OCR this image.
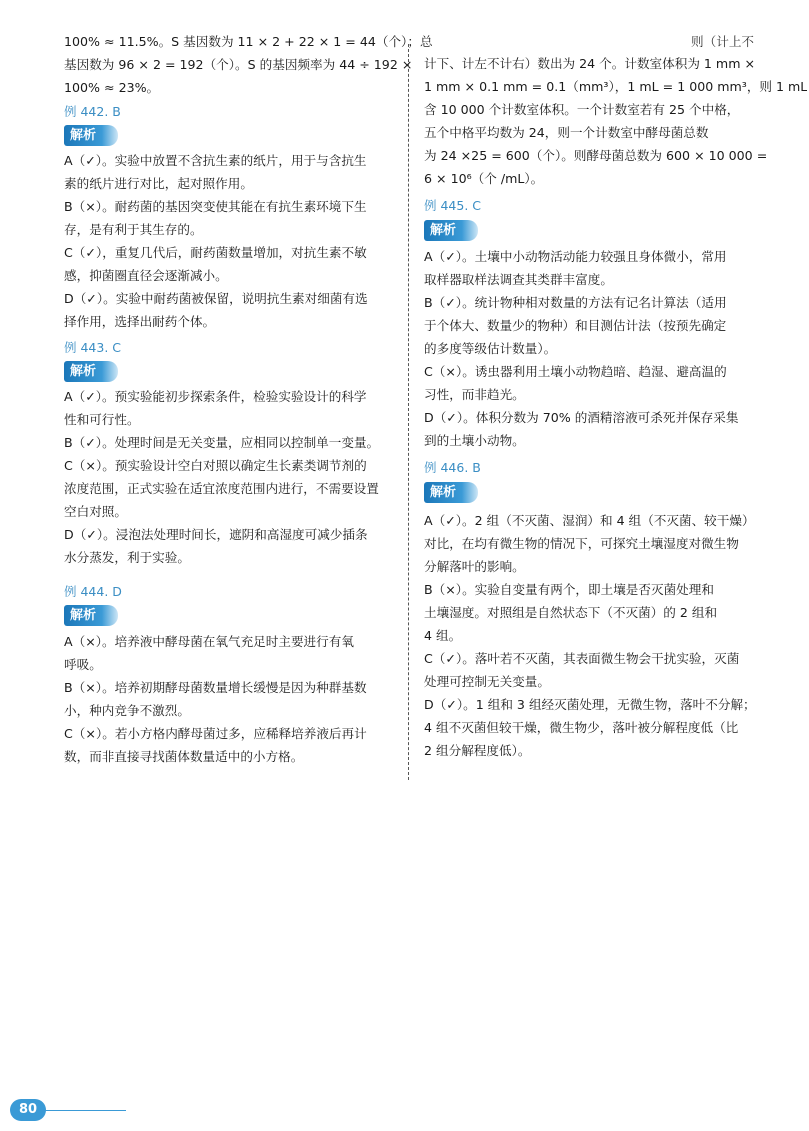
100% ≈ 11.5%。S 基因数为 11 × 2 + 22 × 1 = 44（个）；总

基因数为 96 × 2 = 192（个）。S 的基因频率为 44 ÷ 192 ×

100% ≈ 23%。

例 442. B
解析

A（✓）。实验中放置不含抗生素的纸片，用于与含抗生

素的纸片进行对比，起对照作用。

B（×）。耐药菌的基因突变使其能在有抗生素环境下生

存，是有利于其生存的。

C（✓），重复几代后，耐药菌数量增加，对抗生素不敏

感，抑菌圈直径会逐渐减小。

D（✓）。实验中耐药菌被保留，说明抗生素对细菌有选

择作用，选择出耐药个体。

例 443. C
解析

A（✓）。预实验能初步探索条件，检验实验设计的科学

性和可行性。

B（✓）。处理时间是无关变量，应相同以控制单一变量。

C（×）。预实验设计空白对照以确定生长素类调节剂的

浓度范围，正式实验在适宜浓度范围内进行，不需要设置

空白对照。

D（✓）。浸泡法处理时间长，遮阴和高湿度可减少插条

水分蒸发，利于实验。

例 444. D
解析

A（×）。培养液中酵母菌在氧气充足时主要进行有氧

呼吸。

B（×）。培养初期酵母菌数量增长缓慢是因为种群基数

小，种内竞争不激烈。

C（×）。若小方格内酵母菌过多，应稀释培养液后再计

数，而非直接寻找菌体数量适中的小方格。

则（计上不

计下、计左不计右）数出为 24 个。计数室体积为 1 mm ×

1 mm × 0.1 mm = 0.1（mm³），1 mL = 1 000 mm³，则 1 mL

含 10 000 个计数室体积。一个计数室若有 25 个中格，

五个中格平均数为 24，则一个计数室中酵母菌总数

为 24 ×25 = 600（个）。则酵母菌总数为 600 × 10 000 =

6 × 10⁶（个 /mL）。

例 445. C
解析

A（✓）。土壤中小动物活动能力较强且身体微小，常用

取样器取样法调查其类群丰富度。

B（✓）。统计物种相对数量的方法有记名计算法（适用

于个体大、数量少的物种）和目测估计法（按预先确定

的多度等级估计数量）。

C（×）。诱虫器利用土壤小动物趋暗、趋湿、避高温的

习性，而非趋光。

D（✓）。体积分数为 70% 的酒精溶液可杀死并保存采集

到的土壤小动物。

例 446. B
解析

A（✓）。2 组（不灭菌、湿润）和 4 组（不灭菌、较干燥）

对比，在均有微生物的情况下，可探究土壤湿度对微生物

分解落叶的影响。

B（×）。实验自变量有两个，即土壤是否灭菌处理和

土壤湿度。对照组是自然状态下（不灭菌）的 2 组和

4 组。

C（✓）。落叶若不灭菌，其表面微生物会干扰实验，灭菌

处理可控制无关变量。

D（✓）。1 组和 3 组经灭菌处理，无微生物，落叶不分解；

4 组不灭菌但较干燥，微生物少，落叶被分解程度低（比

2 组分解程度低）。

80
